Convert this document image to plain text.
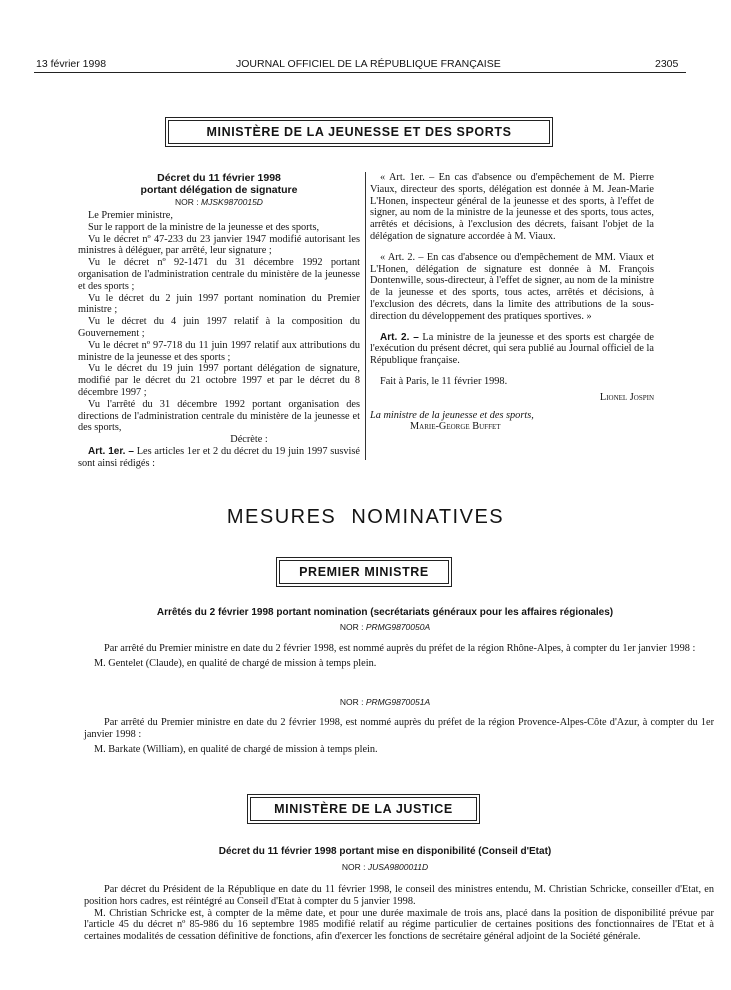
13 février 1998	JOURNAL OFFICIEL DE LA RÉPUBLIQUE FRANÇAISE	2305
MINISTÈRE DE LA JEUNESSE ET DES SPORTS
Décret du 11 février 1998
portant délégation de signature
NOR : MJSK9870015D

Le Premier ministre,

Sur le rapport de la ministre de la jeunesse et des sports,

Vu le décret nº 47-233 du 23 janvier 1947 modifié autorisant les ministres à déléguer, par arrêté, leur signature ;

Vu le décret nº 92-1471 du 31 décembre 1992 portant organisation de l'administration centrale du ministère de la jeunesse et des sports ;

Vu le décret du 2 juin 1997 portant nomination du Premier ministre ;

Vu le décret du 4 juin 1997 relatif à la composition du Gouvernement ;

Vu le décret nº 97-718 du 11 juin 1997 relatif aux attributions du ministre de la jeunesse et des sports ;

Vu le décret du 19 juin 1997 portant délégation de signature, modifié par le décret du 21 octobre 1997 et par le décret du 8 décembre 1997 ;

Vu l'arrêté du 31 décembre 1992 portant organisation des directions de l'administration centrale du ministère de la jeunesse et des sports,

Décrète :

Art. 1er. – Les articles 1er et 2 du décret du 19 juin 1997 susvisé sont ainsi rédigés :

« Art. 1er. – En cas d'absence ou d'empêchement de M. Pierre Viaux, directeur des sports, délégation est donnée à M. Jean-Marie L'Honen, inspecteur général de la jeunesse et des sports, à l'effet de signer, au nom de la ministre de la jeunesse et des sports, tous actes, arrêtés et décisions, à l'exclusion des décrets, faisant l'objet de la délégation de signature accordée à M. Viaux.

« Art. 2. – En cas d'absence ou d'empêchement de MM. Viaux et L'Honen, délégation de signature est donnée à M. François Dontenwille, sous-directeur, à l'effet de signer, au nom de la ministre de la jeunesse et des sports, tous actes, arrêtés et décisions, à l'exclusion des décrets, dans la limite des attributions de la sous-direction du développement des pratiques sportives. »

Art. 2. – La ministre de la jeunesse et des sports est chargée de l'exécution du présent décret, qui sera publié au Journal officiel de la République française.

Fait à Paris, le 11 février 1998.

Lionel Jospin

La ministre de la jeunesse et des sports,

Marie-George Buffet

MESURES NOMINATIVES
PREMIER MINISTRE
Arrêtés du 2 février 1998 portant nomination (secrétariats généraux pour les affaires régionales)
NOR : PRMG9870050A

Par arrêté du Premier ministre en date du 2 février 1998, est nommé auprès du préfet de la région Rhône-Alpes, à compter du 1er janvier 1998 :

M. Gentelet (Claude), en qualité de chargé de mission à temps plein.

NOR : PRMG9870051A

Par arrêté du Premier ministre en date du 2 février 1998, est nommé auprès du préfet de la région Provence-Alpes-Côte d'Azur, à compter du 1er janvier 1998 :

M. Barkate (William), en qualité de chargé de mission à temps plein.

MINISTÈRE DE LA JUSTICE
Décret du 11 février 1998 portant mise en disponibilité (Conseil d'Etat)
NOR : JUSA9800011D

Par décret du Président de la République en date du 11 février 1998, le conseil des ministres entendu, M. Christian Schricke, conseiller d'Etat, en position hors cadres, est réintégré au Conseil d'Etat à compter du 5 janvier 1998.

M. Christian Schricke est, à compter de la même date, et pour une durée maximale de trois ans, placé dans la position de disponibilité prévue par l'article 45 du décret nº 85-986 du 16 septembre 1985 modifié relatif au régime particulier de certaines positions des fonctionnaires de l'Etat et à certaines modalités de cessation définitive de fonctions, afin d'exercer les fonctions de secrétaire général adjoint de la Société générale.
